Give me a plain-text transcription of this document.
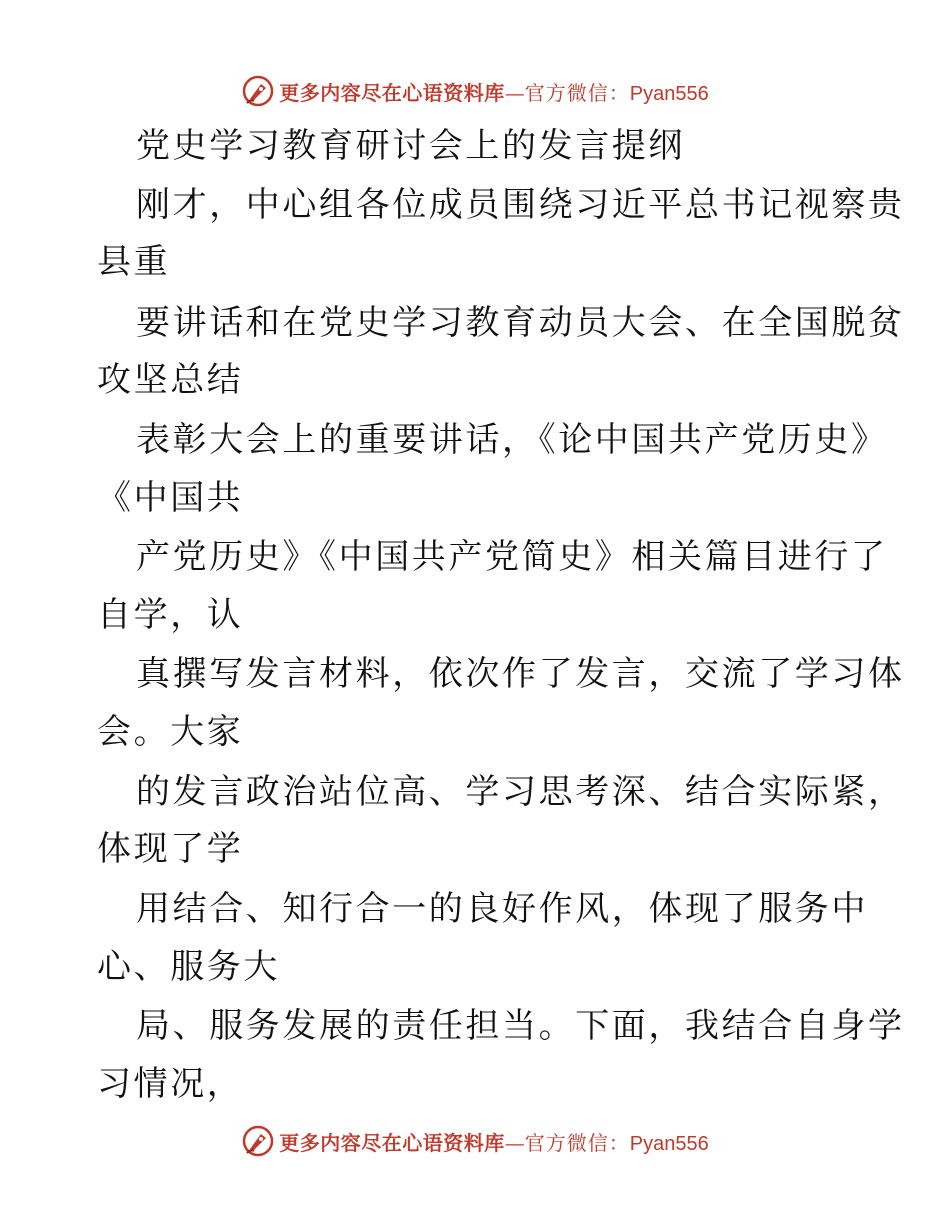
更多内容尽在心语资料库—官方微信：Pyan556
党史学习教育研讨会上的发言提纲
刚才，中心组各位成员围绕习近平总书记视察贵
县重
要讲话和在党史学习教育动员大会、在全国脱贫
攻坚总结
表彰大会上的重要讲话，《论中国共产党历史》
《中国共
产党历史》《中国共产党简史》相关篇目进行了
自学，认
真撰写发言材料，依次作了发言，交流了学习体
会。大家
的发言政治站位高、学习思考深、结合实际紧，
体现了学
用结合、知行合一的良好作风，体现了服务中
心、服务大
局、服务发展的责任担当。下面，我结合自身学
习情况，
更多内容尽在心语资料库—官方微信：Pyan556
